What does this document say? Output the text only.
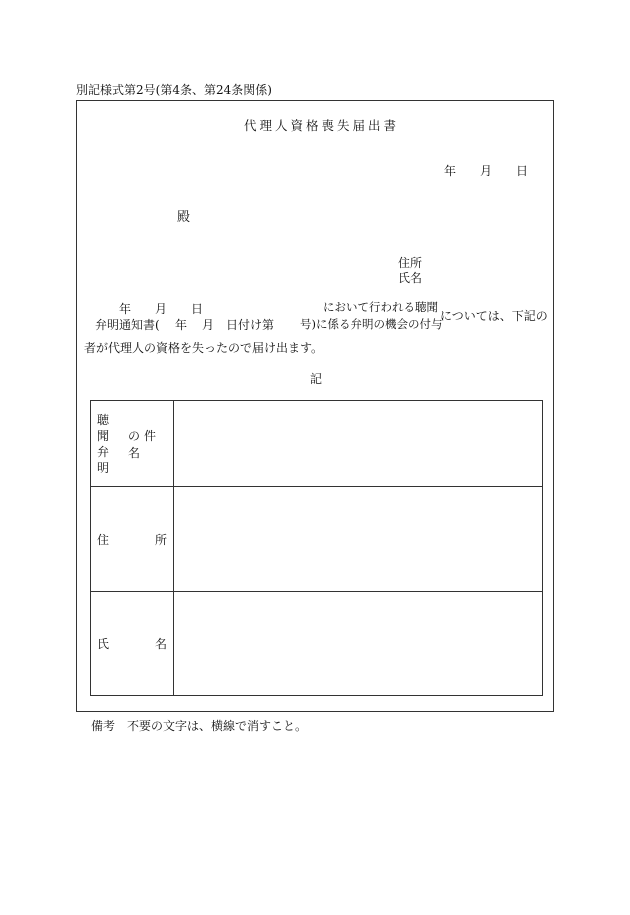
別記様式第2号(第4条、第24条関係)
代理人資格喪失届出書
年 月 日
殿
住所
氏名
年 月 日	において行われる聴聞
弁明通知書( 年 月 日付け第 号)に係る弁明の機会の付与
については、下記の
者が代理人の資格を失ったので届け出ます。
記
聴聞
弁明
の件名	

住 所	

氏 名	

備考　不要の文字は、横線で消すこと。
